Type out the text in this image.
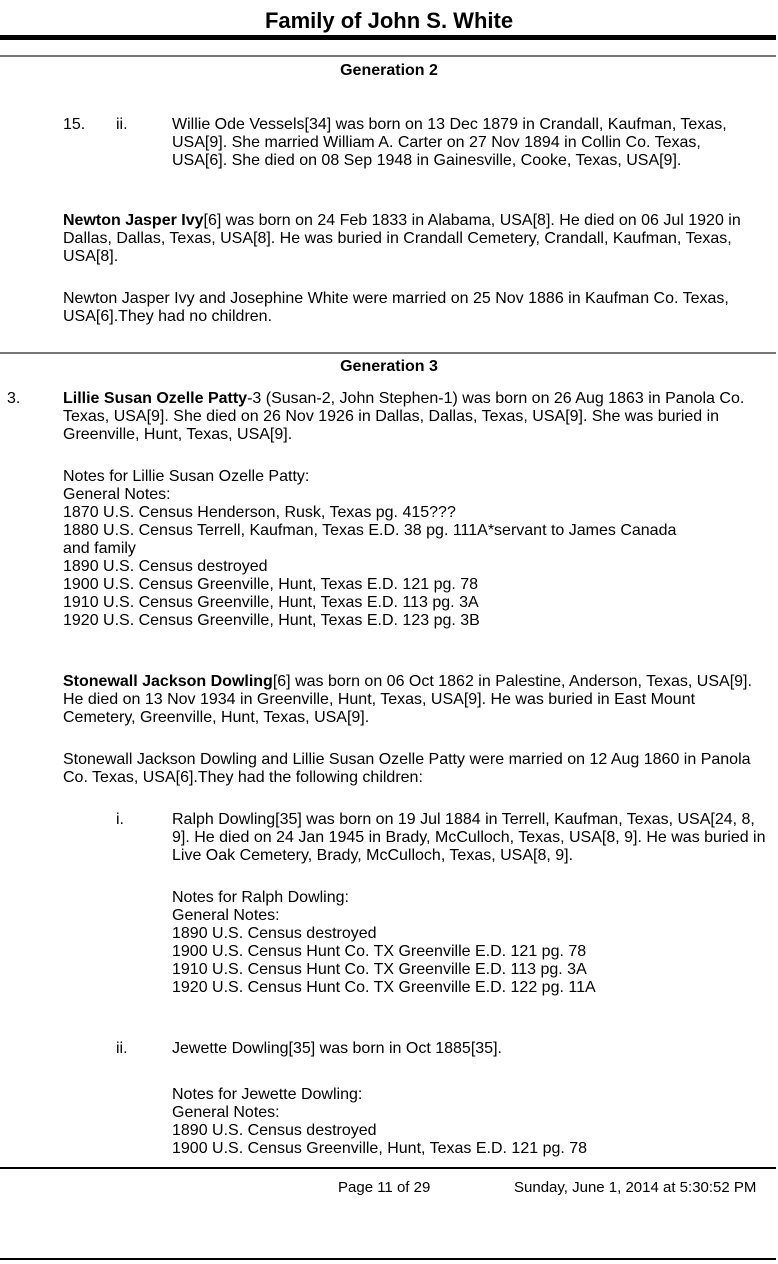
Family of John S. White
Generation 2
15. ii.	Willie Ode Vessels[34] was born on 13 Dec 1879 in Crandall, Kaufman, Texas, USA[9]. She married William A. Carter on 27 Nov 1894 in Collin Co. Texas, USA[6]. She died on 08 Sep 1948 in Gainesville, Cooke, Texas, USA[9].
Newton Jasper Ivy[6] was born on 24 Feb 1833 in Alabama, USA[8]. He died on 06 Jul 1920 in Dallas, Dallas, Texas, USA[8]. He was buried in Crandall Cemetery, Crandall, Kaufman, Texas, USA[8].
Newton Jasper Ivy and Josephine White were married on 25 Nov 1886 in Kaufman Co. Texas, USA[6].They had no children.
Generation 3
3.	Lillie Susan Ozelle Patty-3 (Susan-2, John Stephen-1) was born on 26 Aug 1863 in Panola Co. Texas, USA[9]. She died on 26 Nov 1926 in Dallas, Dallas, Texas, USA[9]. She was buried in Greenville, Hunt, Texas, USA[9].
Notes for Lillie Susan Ozelle Patty:
General Notes:
1870 U.S. Census Henderson, Rusk, Texas pg. 415???
1880 U.S. Census Terrell, Kaufman, Texas E.D. 38 pg. 111A*servant to James Canada
and family
1890 U.S. Census destroyed
1900 U.S. Census Greenville, Hunt, Texas E.D. 121 pg. 78
1910 U.S. Census Greenville, Hunt, Texas E.D. 113 pg. 3A
1920 U.S. Census Greenville, Hunt, Texas E.D. 123 pg. 3B
Stonewall Jackson Dowling[6] was born on 06 Oct 1862 in Palestine, Anderson, Texas, USA[9]. He died on 13 Nov 1934 in Greenville, Hunt, Texas, USA[9]. He was buried in East Mount Cemetery, Greenville, Hunt, Texas, USA[9].
Stonewall Jackson Dowling and Lillie Susan Ozelle Patty were married on 12 Aug 1860 in Panola Co. Texas, USA[6].They had the following children:
i.	Ralph Dowling[35] was born on 19 Jul 1884 in Terrell, Kaufman, Texas, USA[24, 8, 9]. He died on 24 Jan 1945 in Brady, McCulloch, Texas, USA[8, 9]. He was buried in Live Oak Cemetery, Brady, McCulloch, Texas, USA[8, 9].
Notes for Ralph Dowling:
General Notes:
1890 U.S. Census destroyed
1900 U.S. Census Hunt Co. TX Greenville E.D. 121 pg. 78
1910 U.S. Census Hunt Co. TX Greenville E.D. 113 pg. 3A
1920 U.S. Census Hunt Co. TX Greenville E.D. 122 pg. 11A
ii.	Jewette Dowling[35] was born in Oct 1885[35].
Notes for Jewette Dowling:
General Notes:
1890 U.S. Census destroyed
1900 U.S. Census Greenville, Hunt, Texas E.D. 121 pg. 78
Page 11 of 29	Sunday, June 1, 2014 at 5:30:52 PM
